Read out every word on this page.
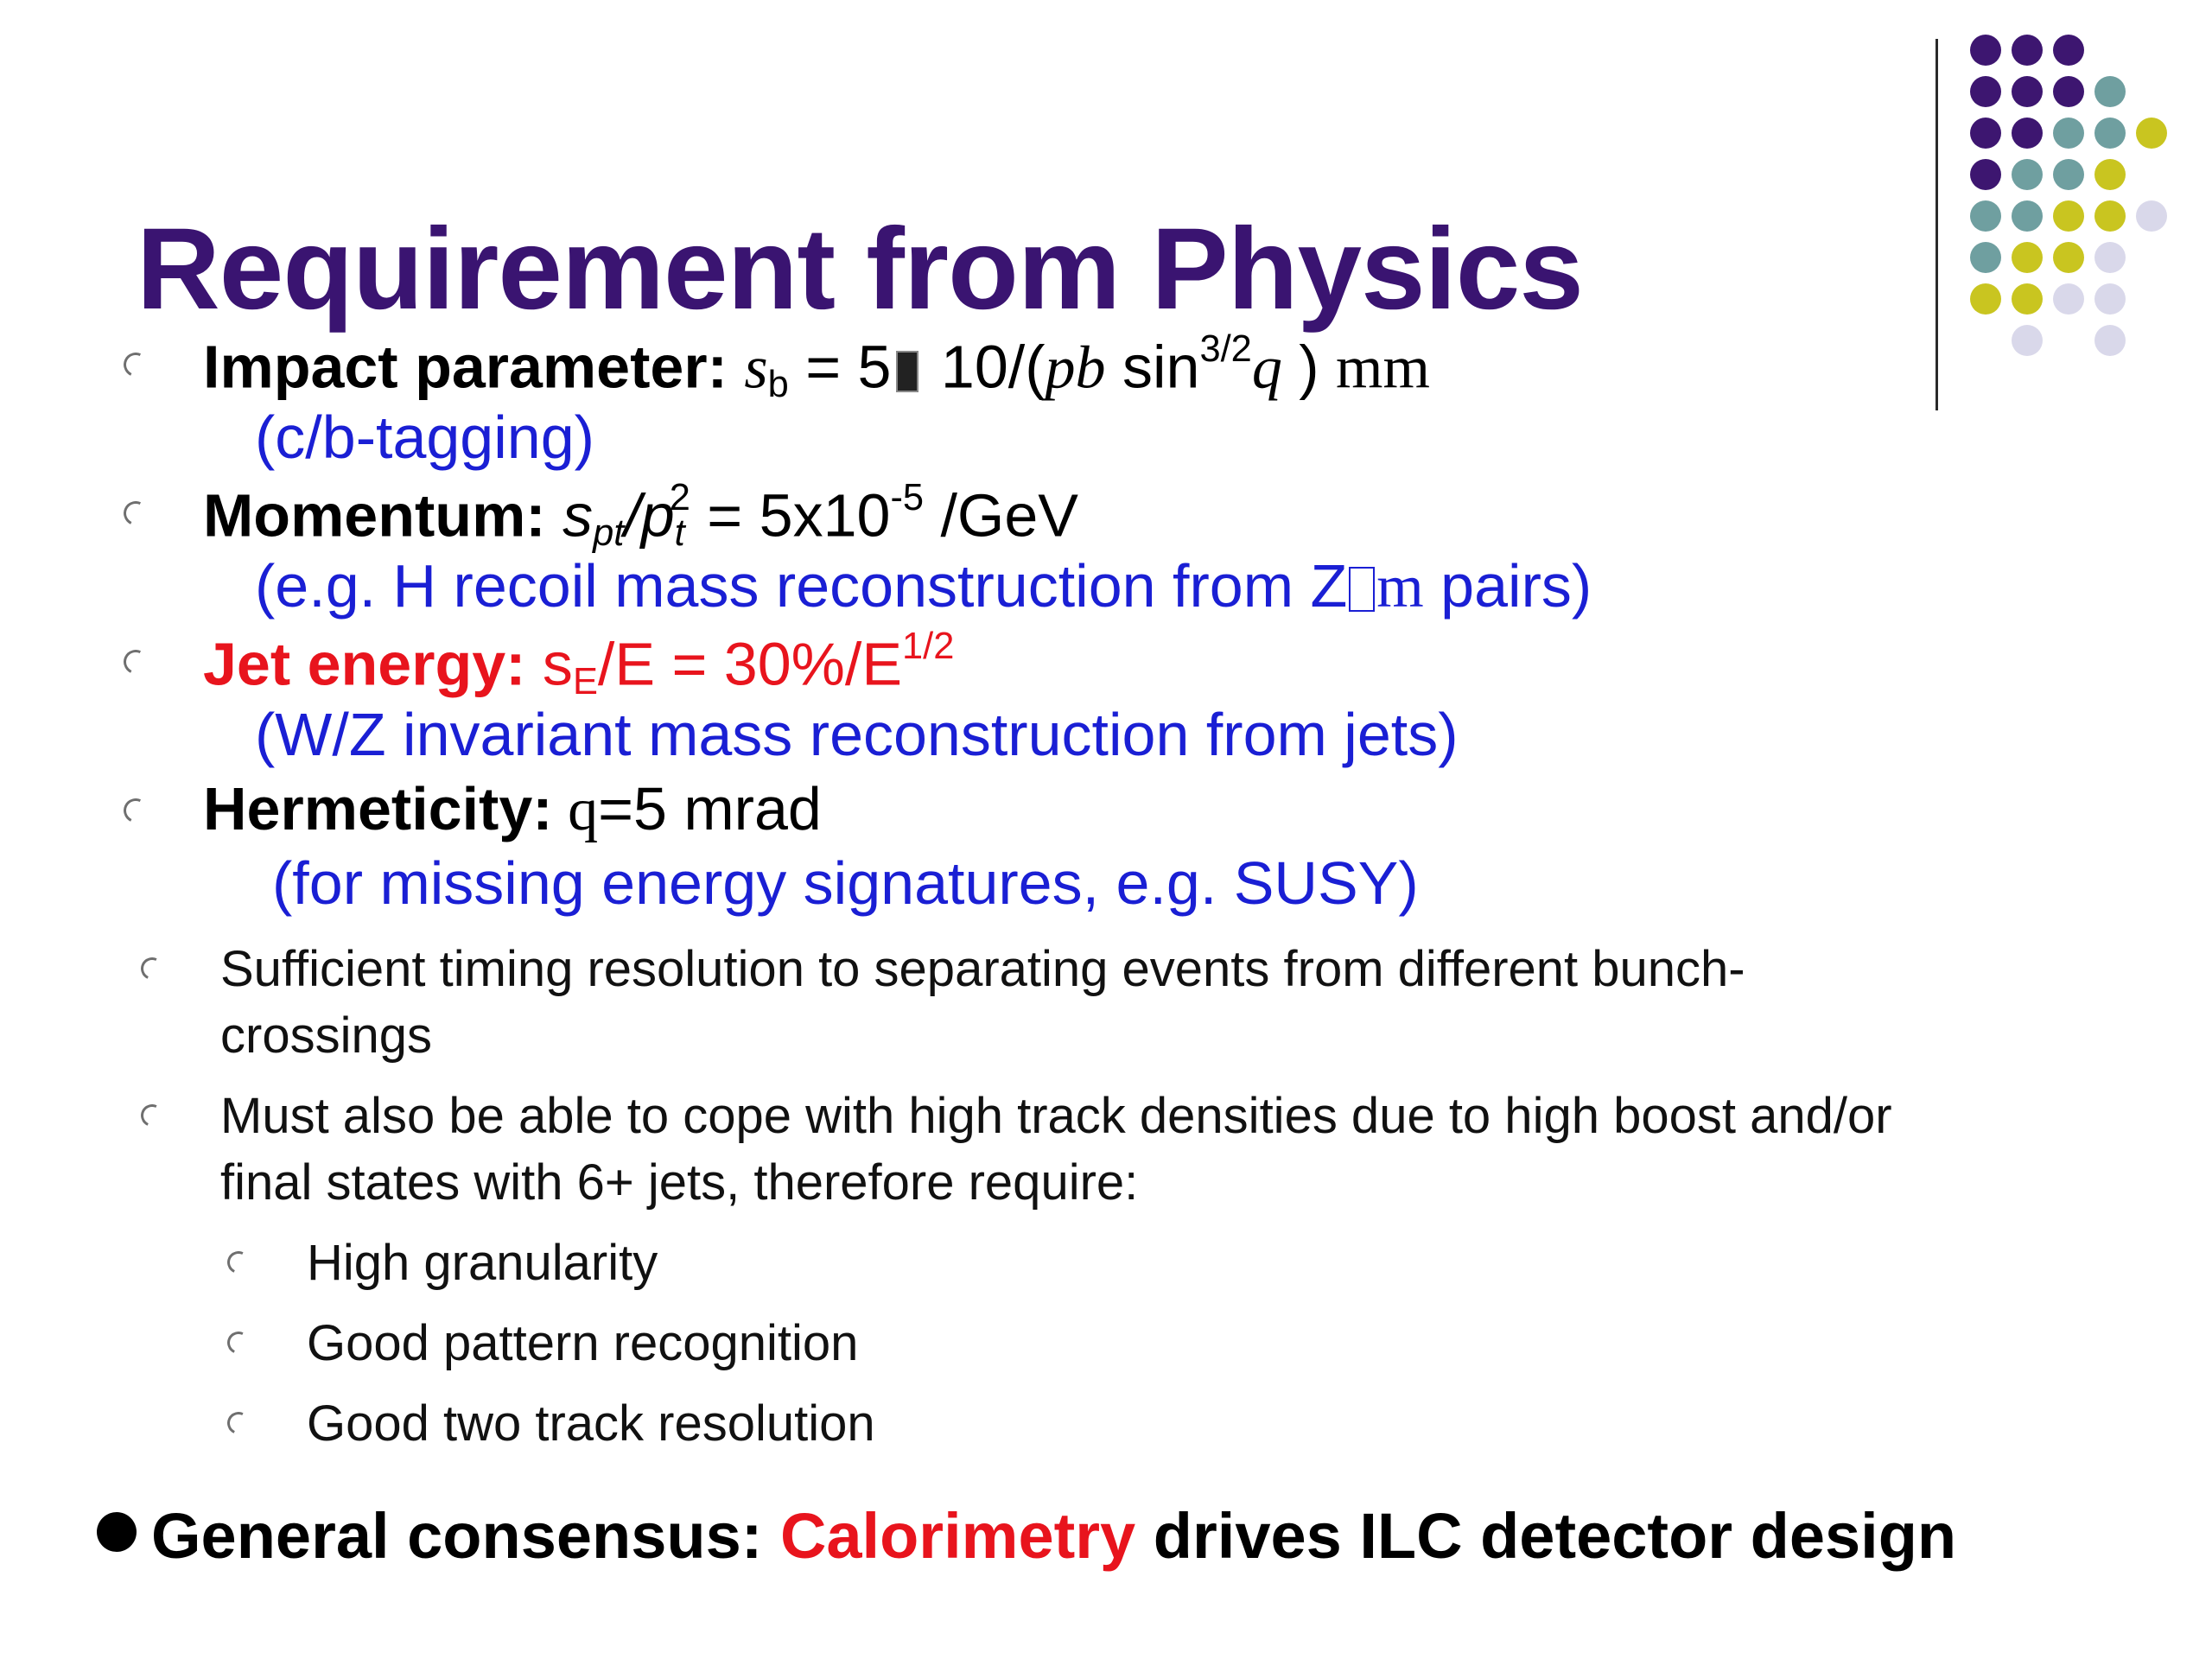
Requirement from Physics
Impact parameter: $s_b = 5$ 10/(pb $\sin^{3/2}q$ ) mm
(c/b-tagging)
Momentum: $s_{pt}/p_t^2 = 5x10^{-5}$ /GeV
(e.g. H recoil mass reconstruction from Z m pairs)
Jet energy: $s_E/E = 30\%/E^{1/2}$
(W/Z invariant mass reconstruction from jets)
Hermeticity: q=5 mrad
(for missing energy signatures, e.g. SUSY)
Sufficient timing resolution to separating events from different bunch-
crossings
Must also be able to cope with high track densities due to high boost and/or
final states with 6+ jets, therefore require:
High granularity
Good pattern recognition
Good two track resolution
General consensus: Calorimetry drives ILC detector design
